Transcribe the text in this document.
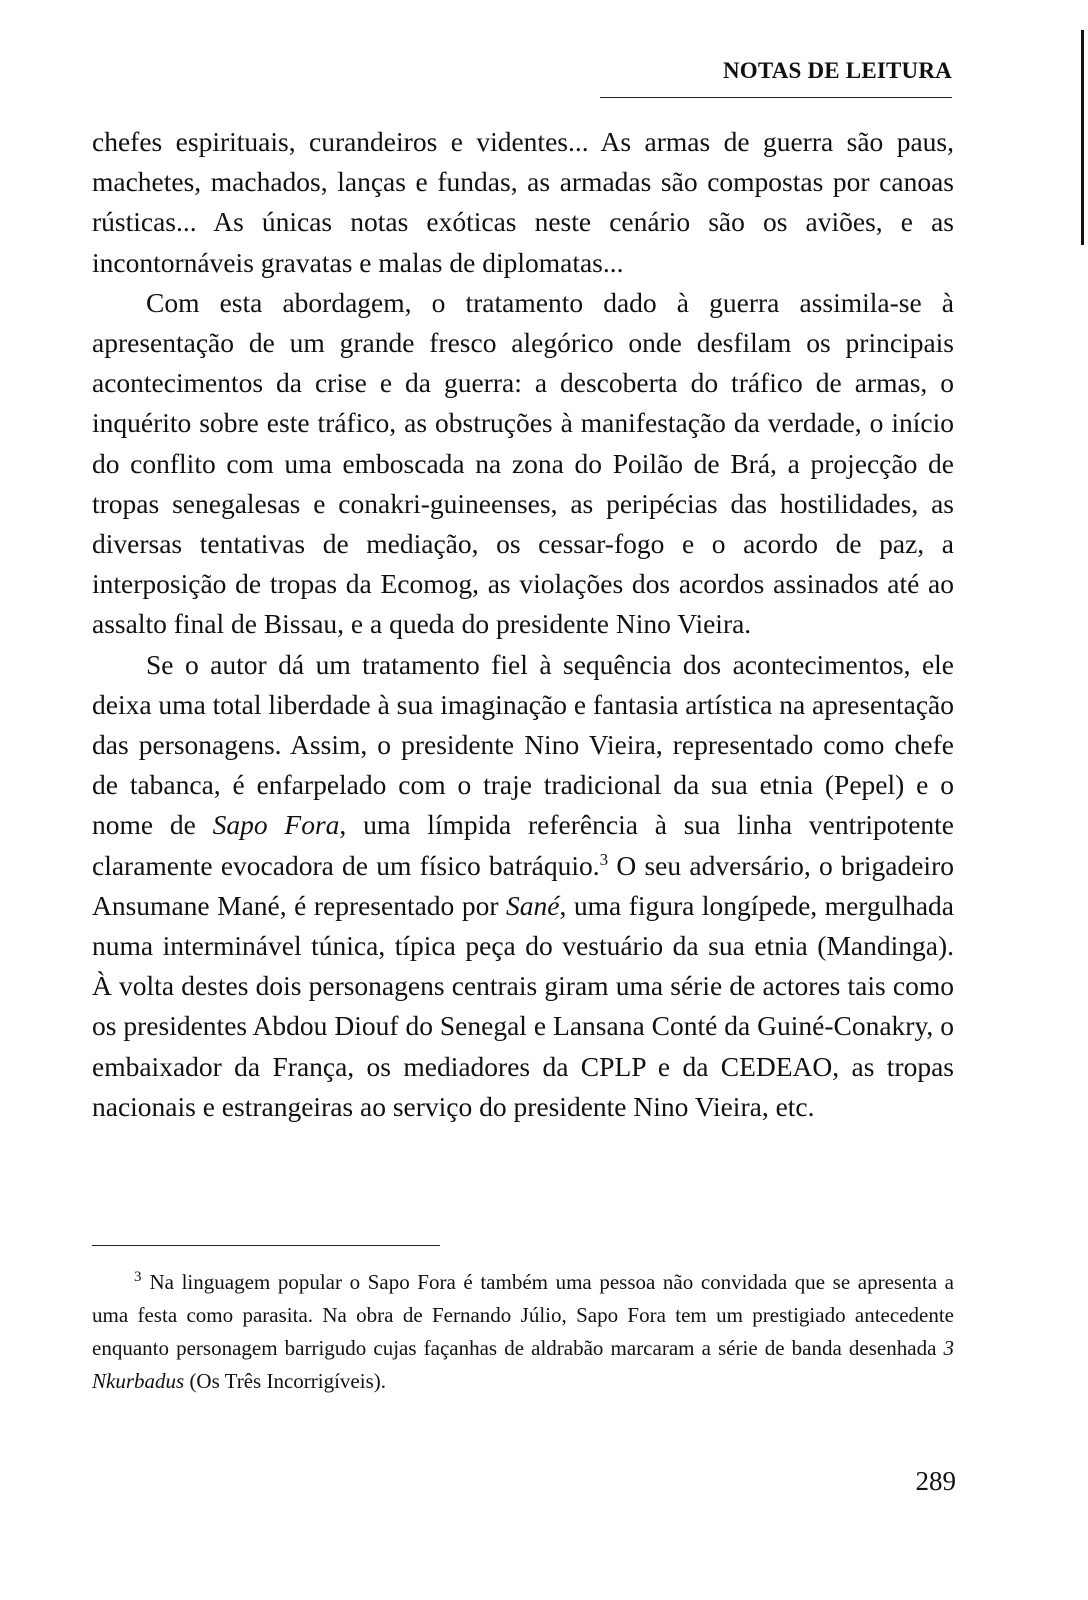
NOTAS DE LEITURA

chefes espirituais, curandeiros e videntes... As armas de guerra são paus, machetes, machados, lanças e fundas, as armadas são compostas por canoas rústicas... As únicas notas exóticas neste cenário são os aviões, e as incontornáveis gravatas e malas de diplomatas...

Com esta abordagem, o tratamento dado à guerra assimila-se à apresentação de um grande fresco alegórico onde desfilam os principais acontecimentos da crise e da guerra: a descoberta do tráfico de armas, o inquérito sobre este tráfico, as obstruções à manifestação da verdade, o início do conflito com uma emboscada na zona do Poilão de Brá, a projecção de tropas senegalesas e conakri-guineenses, as peripécias das hostilidades, as diversas tentativas de mediação, os cessar-fogo e o acordo de paz, a interposição de tropas da Ecomog, as violações dos acordos assinados até ao assalto final de Bissau, e a queda do presidente Nino Vieira.

Se o autor dá um tratamento fiel à sequência dos acontecimentos, ele deixa uma total liberdade à sua imaginação e fantasia artística na apresentação das personagens. Assim, o presidente Nino Vieira, representado como chefe de tabanca, é enfarpelado com o traje tradicional da sua etnia (Pepel) e o nome de Sapo Fora, uma límpida referência à sua linha ventripotente claramente evocadora de um físico batráquio.$^3$ O seu adversário, o brigadeiro Ansumane Mané, é representado por Sané, uma figura longípede, mergulhada numa interminável túnica, típica peça do vestuário da sua etnia (Mandinga). À volta destes dois personagens centrais giram uma série de actores tais como os presidentes Abdou Diouf do Senegal e Lansana Conté da Guiné-Conakry, o embaixador da França, os mediadores da CPLP e da CEDEAO, as tropas nacionais e estrangeiras ao serviço do presidente Nino Vieira, etc.

$^3$ Na linguagem popular o Sapo Fora é também uma pessoa não convidada que se apresenta a uma festa como parasita. Na obra de Fernando Júlio, Sapo Fora tem um prestigiado antecedente enquanto personagem barrigudo cujas façanhas de aldrabão marcaram a série de banda desenhada 3 Nkurbadus (Os Três Incorrigíveis).

289
